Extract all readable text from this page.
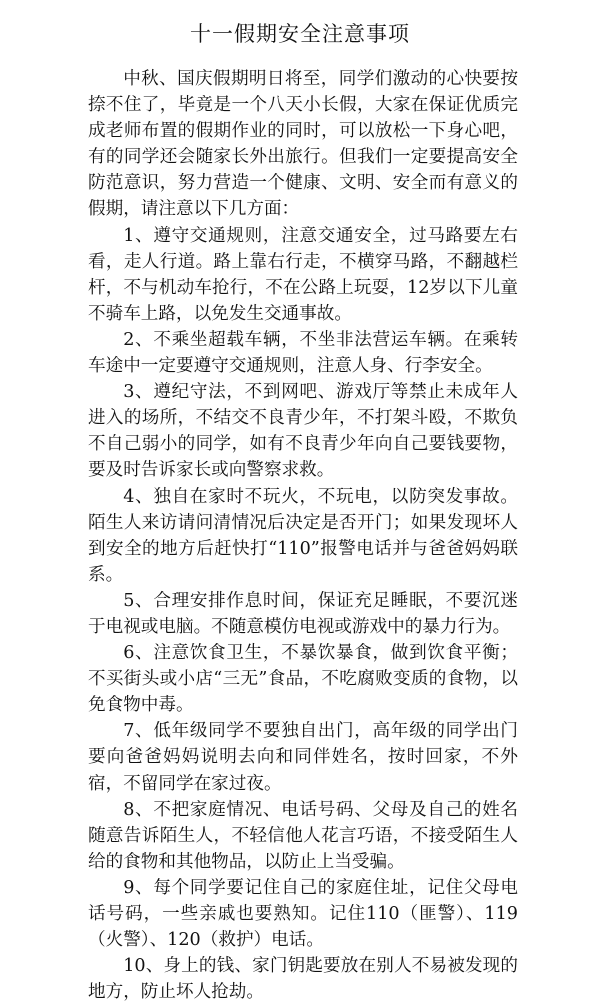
十一假期安全注意事项

中秋、国庆假期明日将至，同学们激动的心快要按捺不住了，毕竟是一个八天小长假，大家在保证优质完成老师布置的假期作业的同时，可以放松一下身心吧，有的同学还会随家长外出旅行。但我们一定要提高安全防范意识，努力营造一个健康、文明、安全而有意义的假期，请注意以下几方面：

1、遵守交通规则，注意交通安全，过马路要左右看，走人行道。路上靠右行走，不横穿马路，不翻越栏杆，不与机动车抢行，不在公路上玩耍，12岁以下儿童不骑车上路，以免发生交通事故。

2、不乘坐超载车辆，不坐非法营运车辆。在乘转车途中一定要遵守交通规则，注意人身、行李安全。

3、遵纪守法，不到网吧、游戏厅等禁止未成年人进入的场所，不结交不良青少年，不打架斗殴，不欺负不自己弱小的同学，如有不良青少年向自己要钱要物，要及时告诉家长或向警察求救。

4、独自在家时不玩火，不玩电，以防突发事故。陌生人来访请问清情况后决定是否开门；如果发现坏人到安全的地方后赶快打“110”报警电话并与爸爸妈妈联系。

5、合理安排作息时间，保证充足睡眠，不要沉迷于电视或电脑。不随意模仿电视或游戏中的暴力行为。

6、注意饮食卫生，不暴饮暴食，做到饮食平衡；不买街头或小店“三无”食品，不吃腐败变质的食物，以免食物中毒。

7、低年级同学不要独自出门，高年级的同学出门要向爸爸妈妈说明去向和同伴姓名，按时回家，不外宿，不留同学在家过夜。

8、不把家庭情况、电话号码、父母及自己的姓名随意告诉陌生人，不轻信他人花言巧语，不接受陌生人给的食物和其他物品，以防止上当受骗。

9、每个同学要记住自己的家庭住址，记住父母电话号码，一些亲戚也要熟知。记住110（匪警）、119（火警）、120（救护）电话。

10、身上的钱、家门钥匙要放在别人不易被发现的地方，防止坏人抢劫。
